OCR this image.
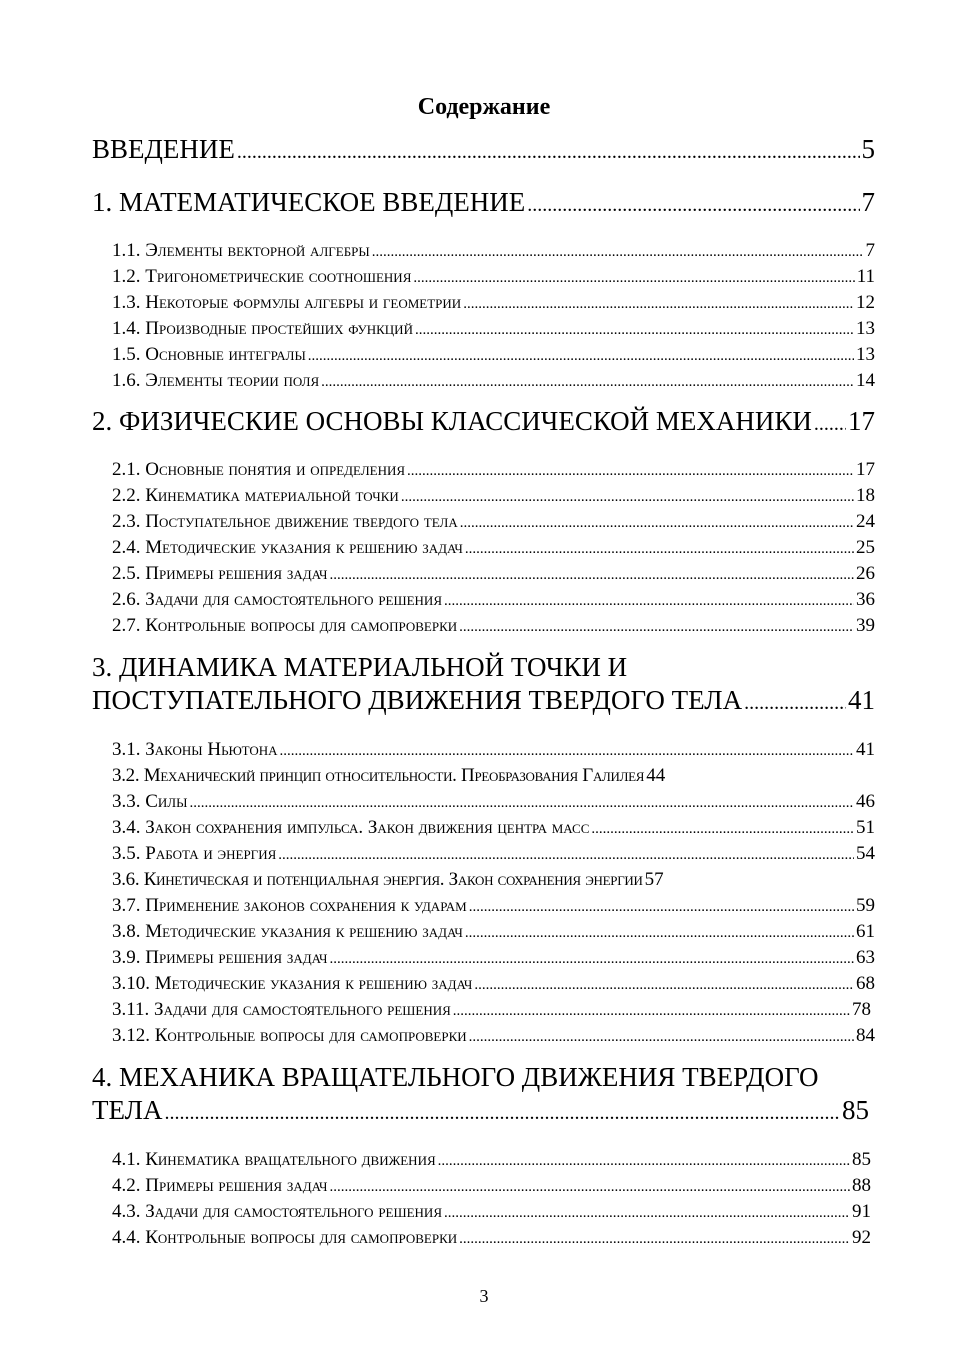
Содержание
ВВЕДЕНИЕ .....	5
1. МАТЕМАТИЧЕСКОЕ ВВЕДЕНИЕ .....	7
1.1. Элементы векторной алгебры .....	7
1.2. Тригонометрические соотношения .....	11
1.3. Некоторые формулы алгебры и геометрии .....	12
1.4. Производные простейших функций .....	13
1.5. Основные интегралы .....	13
1.6. Элементы теории поля .....	14
2. ФИЗИЧЕСКИЕ ОСНОВЫ КЛАССИЧЕСКОЙ МЕХАНИКИ ..... 17
2.1. Основные понятия и определения .....	17
2.2. Кинематика материальной точки .....	18
2.3. Поступательное движение твердого тела .....	24
2.4. Методические указания к решению задач .....	25
2.5. Примеры решения задач .....	26
2.6. Задачи для самостоятельного решения .....	36
2.7. Контрольные вопросы для самопроверки .....	39
3. ДИНАМИКА МАТЕРИАЛЬНОЙ ТОЧКИ И
ПОСТУПАТЕЛЬНОГО ДВИЖЕНИЯ ТВЕРДОГО ТЕЛА .....	41
3.1. Законы Ньютона .....	41
3.2. Механический принцип относительности. Преобразования Галилея 44
3.3. Силы .....	46
3.4. Закон сохранения импульса. Закон движения центра масс .....	51
3.5. Работа и энергия .....	54
3.6. Кинетическая и потенциальная энергия. Закон сохранения энергии 57
3.7. Применение законов сохранения к ударам .....	59
3.8. Методические указания к решению задач .....	61
3.9. Примеры решения задач .....	63
3.10. Методические указания к решению задач .....	68
3.11. Задачи для самостоятельного решения .....	78
3.12. Контрольные вопросы для самопроверки .....	84
4. МЕХАНИКА ВРАЩАТЕЛЬНОГО ДВИЖЕНИЯ ТВЕРДОГО
ТЕЛА .....	85
4.1. Кинематика вращательного движения .....	85
4.2. Примеры решения задач .....	88
4.3. Задачи для самостоятельного решения .....	91
4.4. Контрольные вопросы для самопроверки .....	92
3
